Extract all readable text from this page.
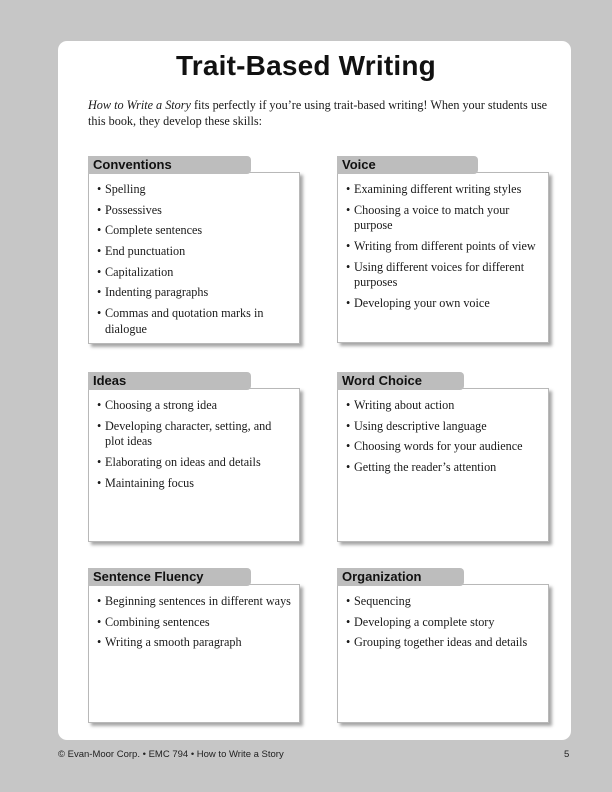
Trait-Based Writing
How to Write a Story fits perfectly if you’re using trait-based writing! When your students use this book, they develop these skills:
Conventions
• Spelling
• Possessives
• Complete sentences
• End punctuation
• Capitalization
• Indenting paragraphs
• Commas and quotation marks in dialogue
Voice
• Examining different writing styles
• Choosing a voice to match your purpose
• Writing from different points of view
• Using different voices for different purposes
• Developing your own voice
Ideas
• Choosing a strong idea
• Developing character, setting, and plot ideas
• Elaborating on ideas and details
• Maintaining focus
Word Choice
• Writing about action
• Using descriptive language
• Choosing words for your audience
• Getting the reader’s attention
Sentence Fluency
• Beginning sentences in different ways
• Combining sentences
• Writing a smooth paragraph
Organization
• Sequencing
• Developing a complete story
• Grouping together ideas and details
© Evan-Moor Corp. • EMC 794 • How to Write a Story	5
